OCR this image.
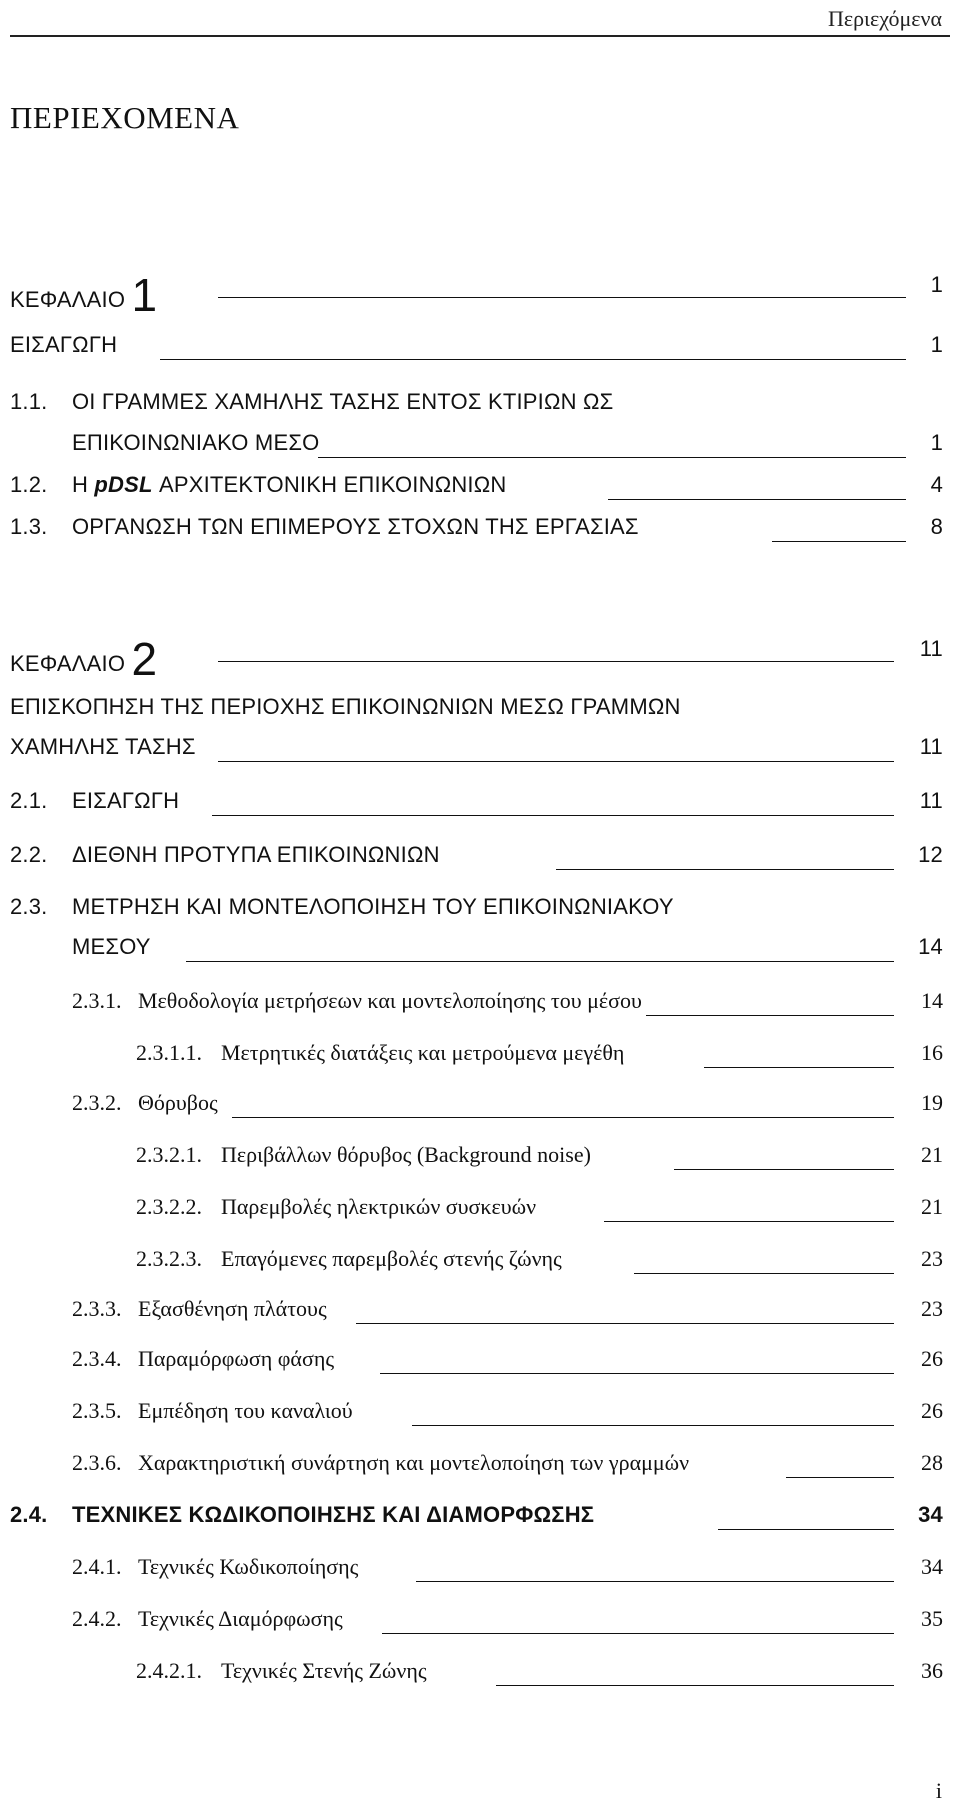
Περιεχόμενα
ΠΕΡΙΕΧΟΜΕΝΑ
ΚΕΦΑΛΑΙΟ 1	1
ΕΙΣΑΓΩΓΗ	1
1.1. ΟΙ ΓΡΑΜΜΕΣ ΧΑΜΗΛΗΣ ΤΑΣΗΣ ΕΝΤΟΣ ΚΤΙΡΙΩΝ ΩΣ
ΕΠΙΚΟΙΝΩΝΙΑΚΟ ΜΕΣΟ	1
1.2. Η pDSL ΑΡΧΙΤΕΚΤΟΝΙΚΗ ΕΠΙΚΟΙΝΩΝΙΩΝ	4
1.3. ΟΡΓΑΝΩΣΗ ΤΩΝ ΕΠΙΜΕΡΟΥΣ ΣΤΟΧΩΝ ΤΗΣ ΕΡΓΑΣΙΑΣ	8
ΚΕΦΑΛΑΙΟ 2	11
ΕΠΙΣΚΟΠΗΣΗ ΤΗΣ ΠΕΡΙΟΧΗΣ ΕΠΙΚΟΙΝΩΝΙΩΝ ΜΕΣΩ ΓΡΑΜΜΩΝ
ΧΑΜΗΛΗΣ ΤΑΣΗΣ	11
2.1. ΕΙΣΑΓΩΓΗ	11
2.2. ΔΙΕΘΝΗ ΠΡΟΤΥΠΑ ΕΠΙΚΟΙΝΩΝΙΩΝ	12
2.3. ΜΕΤΡΗΣΗ ΚΑΙ ΜΟΝΤΕΛΟΠΟΙΗΣΗ ΤΟΥ ΕΠΙΚΟΙΝΩΝΙΑΚΟΥ
ΜΕΣΟΥ	14
2.3.1. Μεθοδολογία μετρήσεων και μοντελοποίησης του μέσου	14
2.3.1.1. Μετρητικές διατάξεις και μετρούμενα μεγέθη	16
2.3.2. Θόρυβος	19
2.3.2.1. Περιβάλλων θόρυβος (Background noise)	21
2.3.2.2. Παρεμβολές ηλεκτρικών συσκευών	21
2.3.2.3. Επαγόμενες παρεμβολές στενής ζώνης	23
2.3.3. Εξασθένηση πλάτους	23
2.3.4. Παραμόρφωση φάσης	26
2.3.5. Εμπέδηση του καναλιού	26
2.3.6. Χαρακτηριστική συνάρτηση και μοντελοποίηση των γραμμών	28
2.4. ΤΕΧΝΙΚΕΣ ΚΩΔΙΚΟΠΟΙΗΣΗΣ ΚΑΙ ΔΙΑΜΟΡΦΩΣΗΣ	34
2.4.1. Τεχνικές Κωδικοποίησης	34
2.4.2. Τεχνικές Διαμόρφωσης	35
2.4.2.1. Τεχνικές Στενής Ζώνης	36
i
